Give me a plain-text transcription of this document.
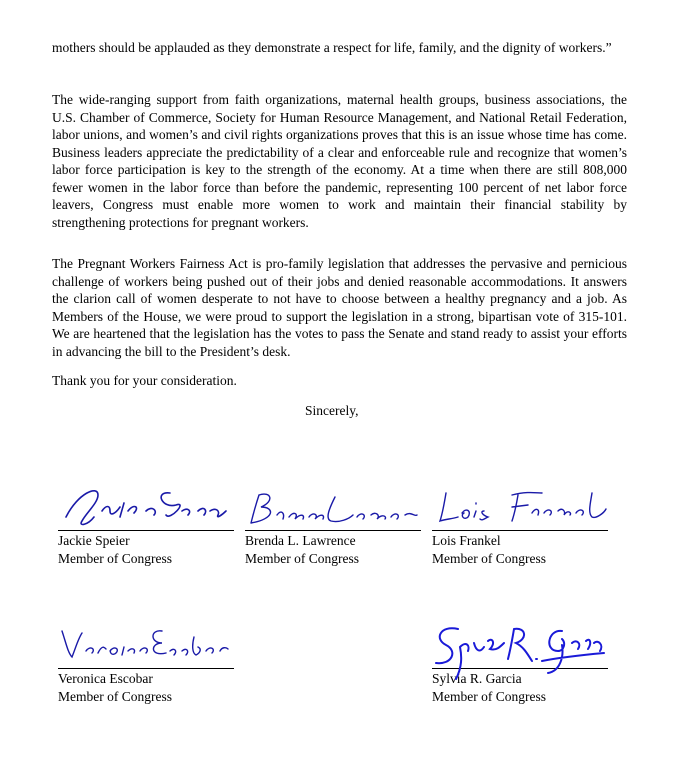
mothers should be applauded as they demonstrate a respect for life, family, and the dignity of workers.”

The wide-ranging support from faith organizations, maternal health groups, business associations, the U.S. Chamber of Commerce, Society for Human Resource Management, and National Retail Federation, labor unions, and women’s and civil rights organizations proves that this is an issue whose time has come. Business leaders appreciate the predictability of a clear and enforceable rule and recognize that women’s labor force participation is key to the strength of the economy. At a time when there are still 808,000 fewer women in the labor force than before the pandemic, representing 100 percent of net labor force leavers, Congress must enable more women to work and maintain their financial stability by strengthening protections for pregnant workers.

The Pregnant Workers Fairness Act is pro-family legislation that addresses the pervasive and pernicious challenge of workers being pushed out of their jobs and denied reasonable accommodations. It answers the clarion call of women desperate to not have to choose between a healthy pregnancy and a job. As Members of the House, we were proud to support the legislation in a strong, bipartisan vote of 315-101. We are heartened that the legislation has the votes to pass the Senate and stand ready to assist your efforts in advancing the bill to the President’s desk.

Thank you for your consideration.

Sincerely,

Jackie Speier
Member of Congress
Brenda L. Lawrence
Member of Congress
Lois Frankel
Member of Congress
Veronica Escobar
Member of Congress
Sylvia R. Garcia
Member of Congress
